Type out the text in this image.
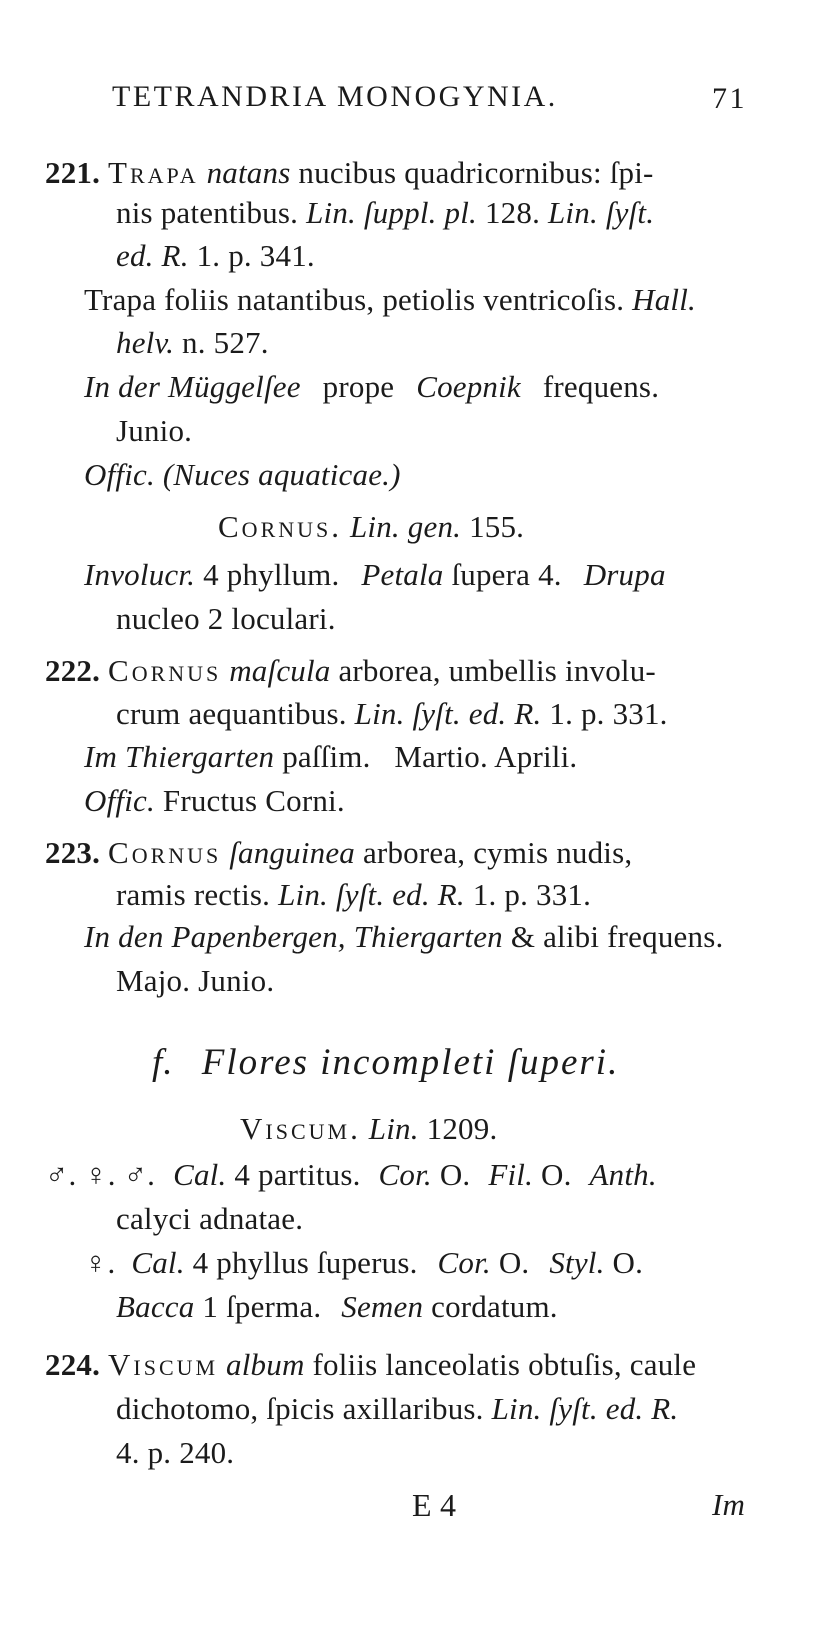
TETRANDRIA MONOGYNIA.	71
221. Trapa natans nucibus quadricornibus: ſpi-
nis patentibus. Lin. ſuppl. pl. 128. Lin. ſyſt.
ed. R. 1. p. 341.
Trapa foliis natantibus, petiolis ventricoſis. Hall.
helv. n. 527.
In der Müggelſee prope Coepnik frequens.
Junio.
Offic. (Nuces aquaticae.)
Cornus. Lin. gen. 155.
Involucr. 4 phyllum. Petala ſupera 4. Drupa
nucleo 2 loculari.
222. Cornus maſcula arborea, umbellis involu-
crum aequantibus. Lin. ſyſt. ed. R. 1. p. 331.
Im Thiergarten paſſim.   Martio. Aprili.
Offic. Fructus Corni.
223. Cornus ſanguinea arborea, cymis nudis,
ramis rectis. Lin. ſyſt. ed. R. 1. p. 331.
In den Papenbergen, Thiergarten & alibi frequens.
Majo. Junio.
f. Flores incompleti ſuperi.
Viscum. Lin. 1209.
♂. ♀. ♂. Cal. 4 partitus. Cor. O. Fil. O. Anth.
calyci adnatae.
♀. Cal. 4 phyllus ſuperus. Cor. O. Styl. O.
Bacca 1 ſperma. Semen cordatum.
224. Viscum album foliis lanceolatis obtuſis, caule
dichotomo, ſpicis axillaribus. Lin. ſyſt. ed. R.
4. p. 240.
E 4	Im
